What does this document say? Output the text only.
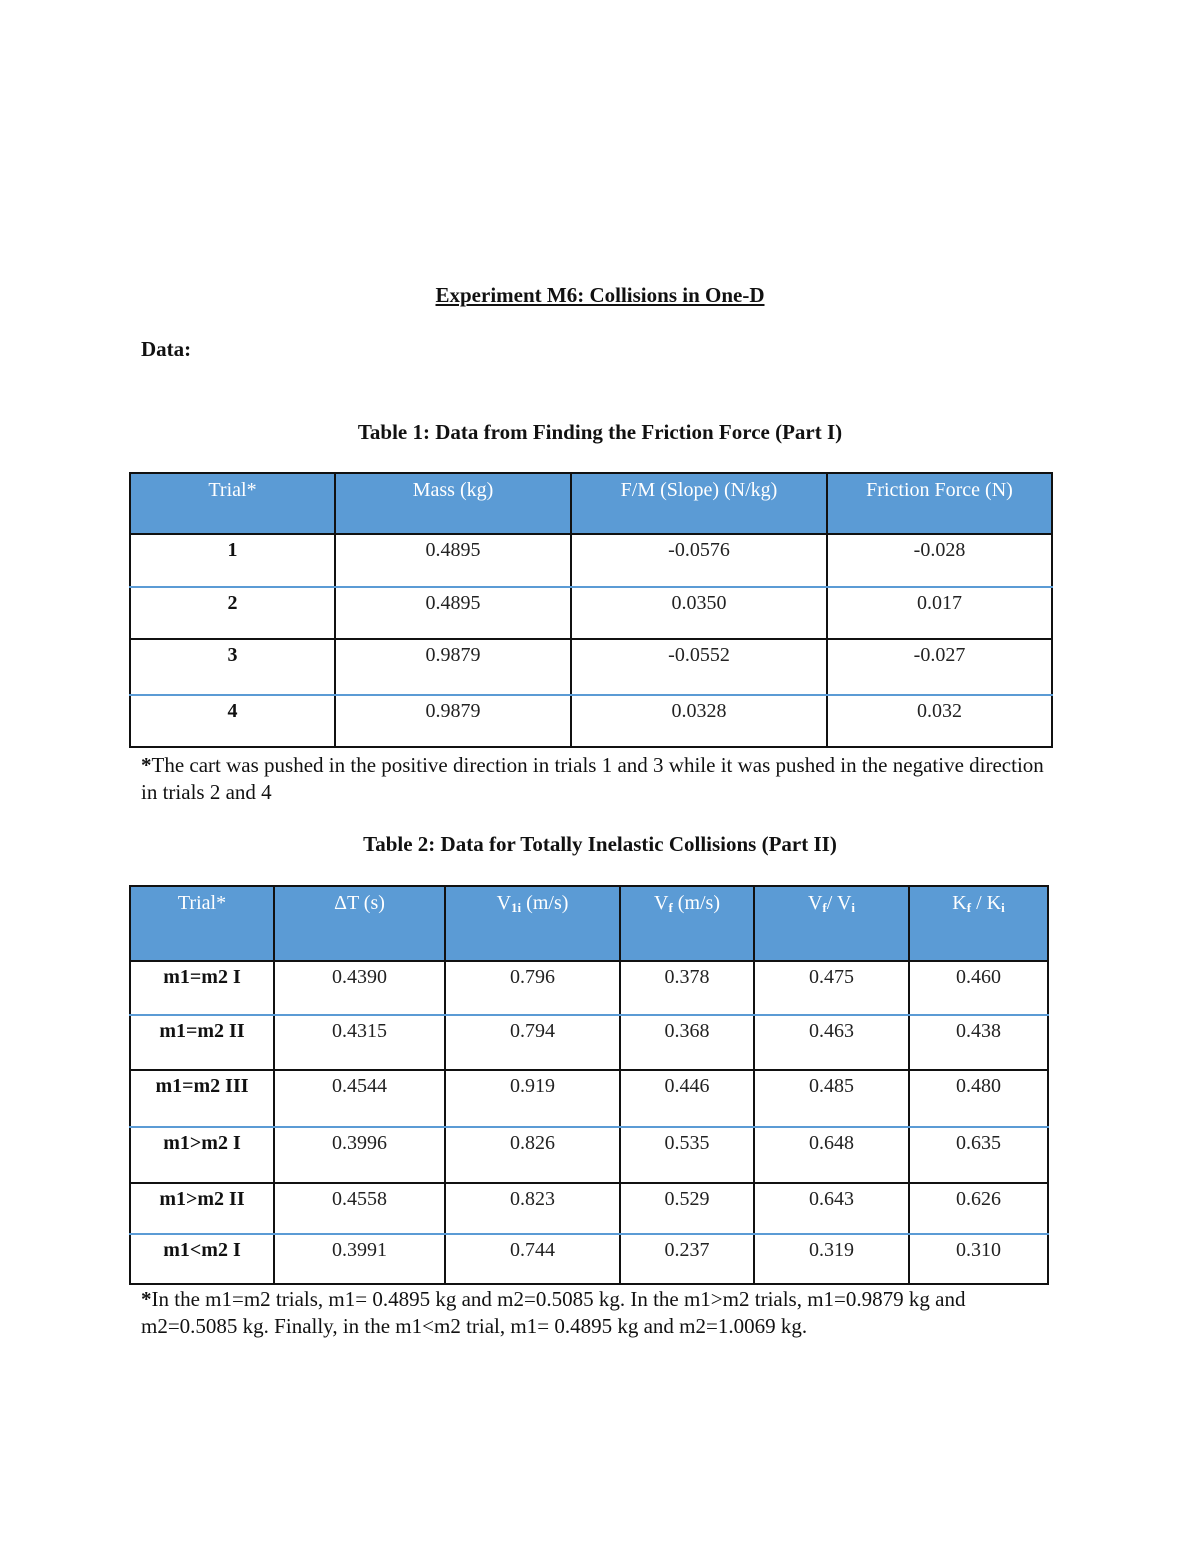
Experiment M6: Collisions in One-D
Data:
Table 1: Data from Finding the Friction Force (Part I)
Trial*	Mass (kg)	F/M (Slope) (N/kg)	Friction Force (N)
1	0.4895	-0.0576	-0.028
2	0.4895	0.0350	0.017
3	0.9879	-0.0552	-0.027
4	0.9879	0.0328	0.032
*The cart was pushed in the positive direction in trials 1 and 3 while it was pushed in the negative direction in trials 2 and 4
Table 2: Data for Totally Inelastic Collisions (Part II)
Trial*	ΔT (s)	$V_{1i}$ (m/s)	$V_f$ (m/s)	$V_f/$ $V_i$	$K_f / K_i$
m1=m2 I	0.4390	0.796	0.378	0.475	0.460
m1=m2 II	0.4315	0.794	0.368	0.463	0.438
m1=m2 III	0.4544	0.919	0.446	0.485	0.480
m1>m2 I	0.3996	0.826	0.535	0.648	0.635
m1>m2 II	0.4558	0.823	0.529	0.643	0.626
m1<m2 I	0.3991	0.744	0.237	0.319	0.310
*In the m1=m2 trials, m1= 0.4895 kg and m2=0.5085 kg. In the m1>m2 trials, m1=0.9879 kg and m2=0.5085 kg. Finally, in the m1<m2 trial, m1= 0.4895 kg and m2=1.0069 kg.
